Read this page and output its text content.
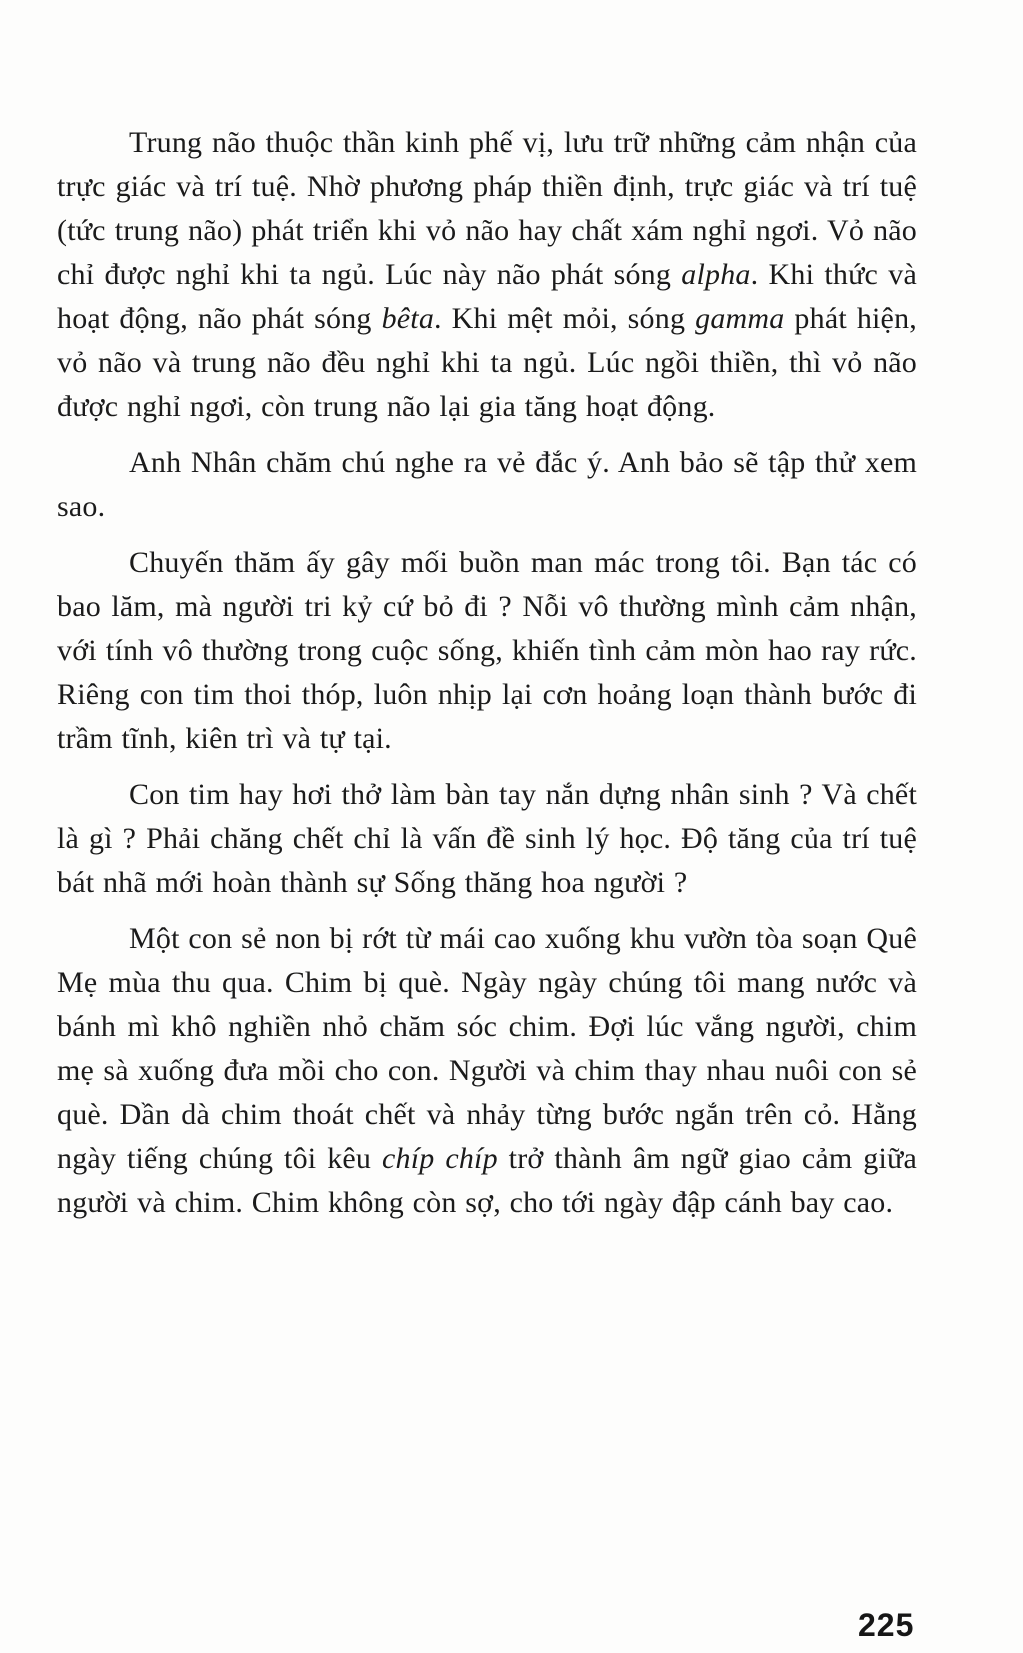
Trung não thuộc thần kinh phế vị, lưu trữ những cảm nhận của trực giác và trí tuệ. Nhờ phương pháp thiền định, trực giác và trí tuệ (tức trung não) phát triển khi vỏ não hay chất xám nghỉ ngơi. Vỏ não chỉ được nghỉ khi ta ngủ. Lúc này não phát sóng alpha. Khi thức và hoạt động, não phát sóng bêta. Khi mệt mỏi, sóng gamma phát hiện, vỏ não và trung não đều nghỉ khi ta ngủ. Lúc ngồi thiền, thì vỏ não được nghỉ ngơi, còn trung não lại gia tăng hoạt động.

Anh Nhân chăm chú nghe ra vẻ đắc ý. Anh bảo sẽ tập thử xem sao.

Chuyến thăm ấy gây mối buồn man mác trong tôi. Bạn tác có bao lăm, mà người tri kỷ cứ bỏ đi ? Nỗi vô thường mình cảm nhận, với tính vô thường trong cuộc sống, khiến tình cảm mòn hao ray rức. Riêng con tim thoi thóp, luôn nhịp lại cơn hoảng loạn thành bước đi trầm tĩnh, kiên trì và tự tại.

Con tim hay hơi thở làm bàn tay nắn dựng nhân sinh ? Và chết là gì ? Phải chăng chết chỉ là vấn đề sinh lý học. Độ tăng của trí tuệ bát nhã mới hoàn thành sự Sống thăng hoa người ?

Một con sẻ non bị rớt từ mái cao xuống khu vườn tòa soạn Quê Mẹ mùa thu qua. Chim bị què. Ngày ngày chúng tôi mang nước và bánh mì khô nghiền nhỏ chăm sóc chim. Đợi lúc vắng người, chim mẹ sà xuống đưa mồi cho con. Người và chim thay nhau nuôi con sẻ què. Dần dà chim thoát chết và nhảy từng bước ngắn trên cỏ. Hằng ngày tiếng chúng tôi kêu chíp chíp trở thành âm ngữ giao cảm giữa người và chim. Chim không còn sợ, cho tới ngày đập cánh bay cao.

225
